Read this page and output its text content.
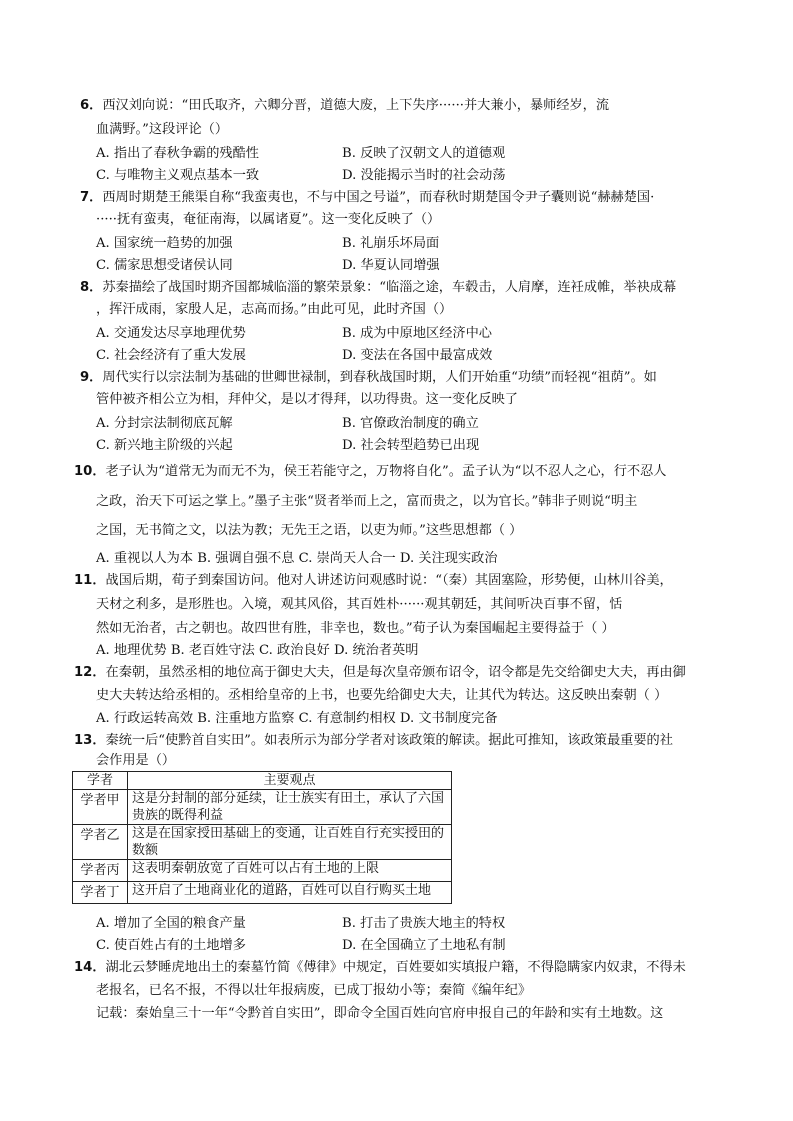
6．西汉刘向说：“田氏取齐，六卿分晋，道德大废，上下失序······并大兼小，暴师经岁，流
血满野。”这段评论（）
A. 指出了春秋争霸的残酷性	B. 反映了汉朝文人的道德观
C. 与唯物主义观点基本一致	D. 没能揭示当时的社会动荡
7．西周时期楚王熊渠自称“我蛮夷也，不与中国之号谥”，而春秋时期楚国令尹子囊则说“赫赫楚国·
·····抚有蛮夷，奄征南海，以属诸夏”。这一变化反映了（）
A. 国家统一趋势的加强	B. 礼崩乐坏局面
C. 儒家思想受诸侯认同	D. 华夏认同增强
8．苏秦描绘了战国时期齐国都城临淄的繁荣景象：“临淄之途，车毂击，人肩摩，连衽成帷，举袂成幕
，挥汗成雨，家殷人足，志高而扬。”由此可见，此时齐国（）
A. 交通发达尽享地理优势	B. 成为中原地区经济中心
C. 社会经济有了重大发展	D. 变法在各国中最富成效
9．周代实行以宗法制为基础的世卿世禄制，到春秋战国时期，人们开始重“功绩”而轻视“祖荫”。如
管仲被齐相公立为相，拜仲父，是以才得拜，以功得贵。这一变化反映了
A. 分封宗法制彻底瓦解	B. 官僚政治制度的确立
C. 新兴地主阶级的兴起	D. 社会转型趋势已出现
10．老子认为“道常无为而无不为，侯王若能守之，万物将自化”。孟子认为“以不忍人之心，行不忍人
之政，治天下可运之掌上。”墨子主张“贤者举而上之，富而贵之，以为官长。”韩非子则说“明主
之国，无书简之文，以法为教；无先王之语，以吏为师。”这些思想都（ ）
A. 重视以人为本 B. 强调自强不息 C. 崇尚天人合一 D. 关注现实政治
11．战国后期，荀子到秦国访问。他对人讲述访问观感时说：“（秦）其固塞险，形势便，山林川谷美，
天材之利多，是形胜也。入境，观其风俗，其百姓朴······观其朝廷，其间听决百事不留，恬
然如无治者，古之朝也。故四世有胜，非幸也，数也。”荀子认为秦国崛起主要得益于（ ）
A. 地理优势 B. 老百姓守法 C. 政治良好 D. 统治者英明
12．在秦朝，虽然丞相的地位高于御史大夫，但是每次皇帝颁布诏令，诏令都是先交给御史大夫，再由御
史大夫转达给丞相的。丞相给皇帝的上书，也要先给御史大夫，让其代为转达。这反映出秦朝（ ）
A. 行政运转高效 B. 注重地方监察 C. 有意制约相权 D. 文书制度完备
13．秦统一后“使黔首自实田”。如表所示为部分学者对该政策的解读。据此可推知，该政策最重要的社
会作用是（）
学者	主要观点
学者甲	这是分封制的部分延续，让士族实有田土，承认了六国贵族的既得利益
学者乙	这是在国家授田基础上的变通，让百姓自行充实授田的数额
学者丙	这表明秦朝放宽了百姓可以占有土地的上限
学者丁	这开启了土地商业化的道路，百姓可以自行购买土地
A. 增加了全国的粮食产量	B. 打击了贵族大地主的特权
C. 使百姓占有的土地增多	D. 在全国确立了土地私有制
14．湖北云梦睡虎地出土的秦墓竹简《傅律》中规定，百姓要如实填报户籍，不得隐瞒家内奴隶，不得未
老报名，已名不报，不得以壮年报病废，已成丁报幼小等；秦简《编年纪》
记载：秦始皇三十一年“令黔首自实田”，即命令全国百姓向官府申报自己的年龄和实有土地数。这
